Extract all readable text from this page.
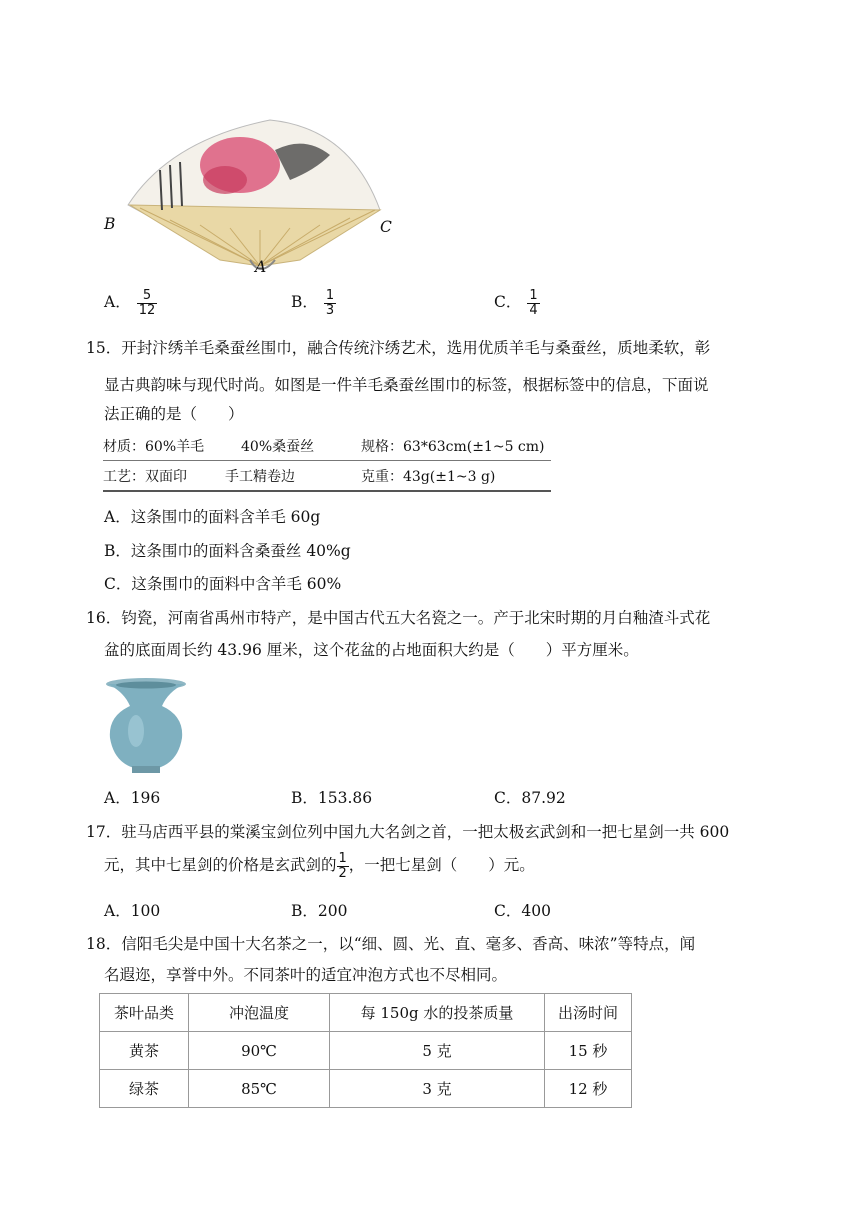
B	C
A
A． $\frac{5}{12}$	B． $\frac{1}{3}$	C． $\frac{1}{4}$
15．开封汴绣羊毛桑蚕丝围巾，融合传统汴绣艺术，选用优质羊毛与桑蚕丝，质地柔软，彰
显古典韵味与现代时尚。如图是一件羊毛桑蚕丝围巾的标签，根据标签中的信息，下面说
法正确的是（　　）
材质：60%羊毛	40%桑蚕丝	规格：63*63cm(±1~5 cm)
工艺：双面印	手工精卷边	克重：43g(±1~3 g)
A．这条围巾的面料含羊毛 60g
B．这条围巾的面料含桑蚕丝 40%g
C．这条围巾的面料中含羊毛 60%
16．钧瓷，河南省禹州市特产，是中国古代五大名瓷之一。产于北宋时期的月白釉渣斗式花
盆的底面周长约 43.96 厘米，这个花盆的占地面积大约是（　　）平方厘米。
A．196	B．153.86	C．87.92
17．驻马店西平县的棠溪宝剑位列中国九大名剑之首，一把太极玄武剑和一把七星剑一共 600
元，其中七星剑的价格是玄武剑的 $\frac{1}{2}$ ，一把七星剑（　　）元。
A．100	B．200	C．400
18．信阳毛尖是中国十大名茶之一，以“细、圆、光、直、毫多、香高、味浓”等特点，闻
名遐迩，享誉中外。不同茶叶的适宜冲泡方式也不尽相同。
茶叶品类	冲泡温度	每 150g 水的投茶质量	出汤时间
黄茶	90℃	5 克	15 秒
绿茶	85℃	3 克	12 秒
